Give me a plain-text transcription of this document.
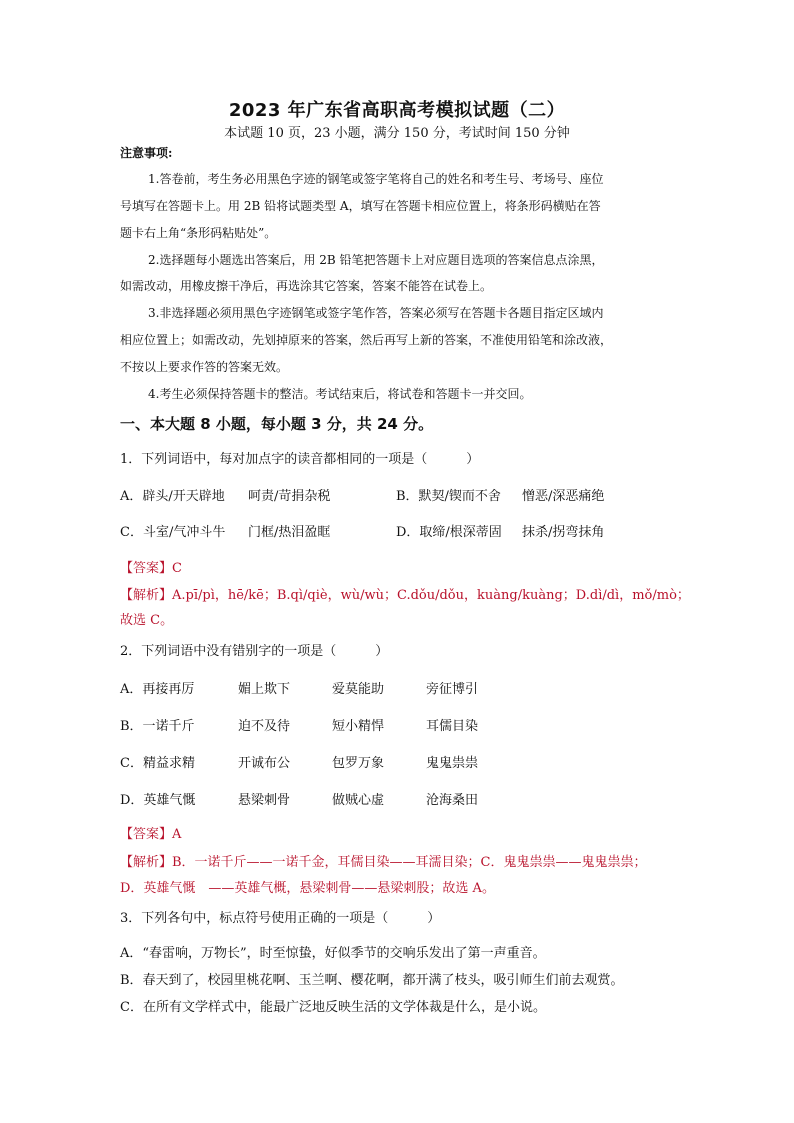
2023 年广东省高职高考模拟试题（二）
本试题 10 页，23 小题，满分 150 分，考试时间 150 分钟
注意事项:
1.答卷前，考生务必用黑色字迹的钢笔或签字笔将自己的姓名和考生号、考场号、座位
号填写在答题卡上。用 2B 铅将试题类型 A，填写在答题卡相应位置上，将条形码横贴在答
题卡右上角“条形码粘贴处”。
2.选择题每小题选出答案后，用 2B 铅笔把答题卡上对应题目选项的答案信息点涂黑，
如需改动，用橡皮擦干净后，再选涂其它答案，答案不能答在试卷上。
3.非选择题必须用黑色字迹钢笔或签字笔作答，答案必须写在答题卡各题目指定区域内
相应位置上；如需改动，先划掉原来的答案，然后再写上新的答案，不准使用铅笔和涂改液，
不按以上要求作答的答案无效。
4.考生必须保持答题卡的整洁。考试结束后，将试卷和答题卡一并交回。
一、本大题 8 小题，每小题 3 分，共 24 分。
1．下列词语中，每对加点字的读音都相同的一项是（　　　）
A．辟头/开天辟地 呵责/苛捐杂税	B．默契/锲而不舍 憎恶/深恶痛绝
C．斗室/气冲斗牛 门框/热泪盈眶	D．取缔/根深蒂固 抹杀/拐弯抹角
【答案】C
【解析】A.pī/pì，hē/kē；B.qì/qiè，wù/wù；C.dǒu/dǒu，kuàng/kuàng；D.dì/dì，mǒ/mò；
故选 C。
2．下列词语中没有错别字的一项是（　　　）
A．再接再厉	媚上欺下	爱莫能助	旁征博引
B．一诺千斤	迫不及待	短小精悍	耳儒目染
C．精益求精	开诚布公	包罗万象	鬼鬼祟祟
D．英雄气慨	悬梁刺骨	做贼心虚	沧海桑田
【答案】A
【解析】B．一诺千斤——一诺千金，耳儒目染——耳濡目染；C．鬼鬼祟祟——鬼鬼祟祟；
D．英雄气慨　——英雄气概，悬梁刺骨——悬梁刺股；故选 A。
3．下列各句中，标点符号使用正确的一项是（　　　）
A．“春雷响，万物长”，时至惊蛰，好似季节的交响乐发出了第一声重音。
B．春天到了，校园里桃花啊、玉兰啊、樱花啊，都开满了枝头，吸引师生们前去观赏。
C．在所有文学样式中，能最广泛地反映生活的文学体裁是什么，是小说。
